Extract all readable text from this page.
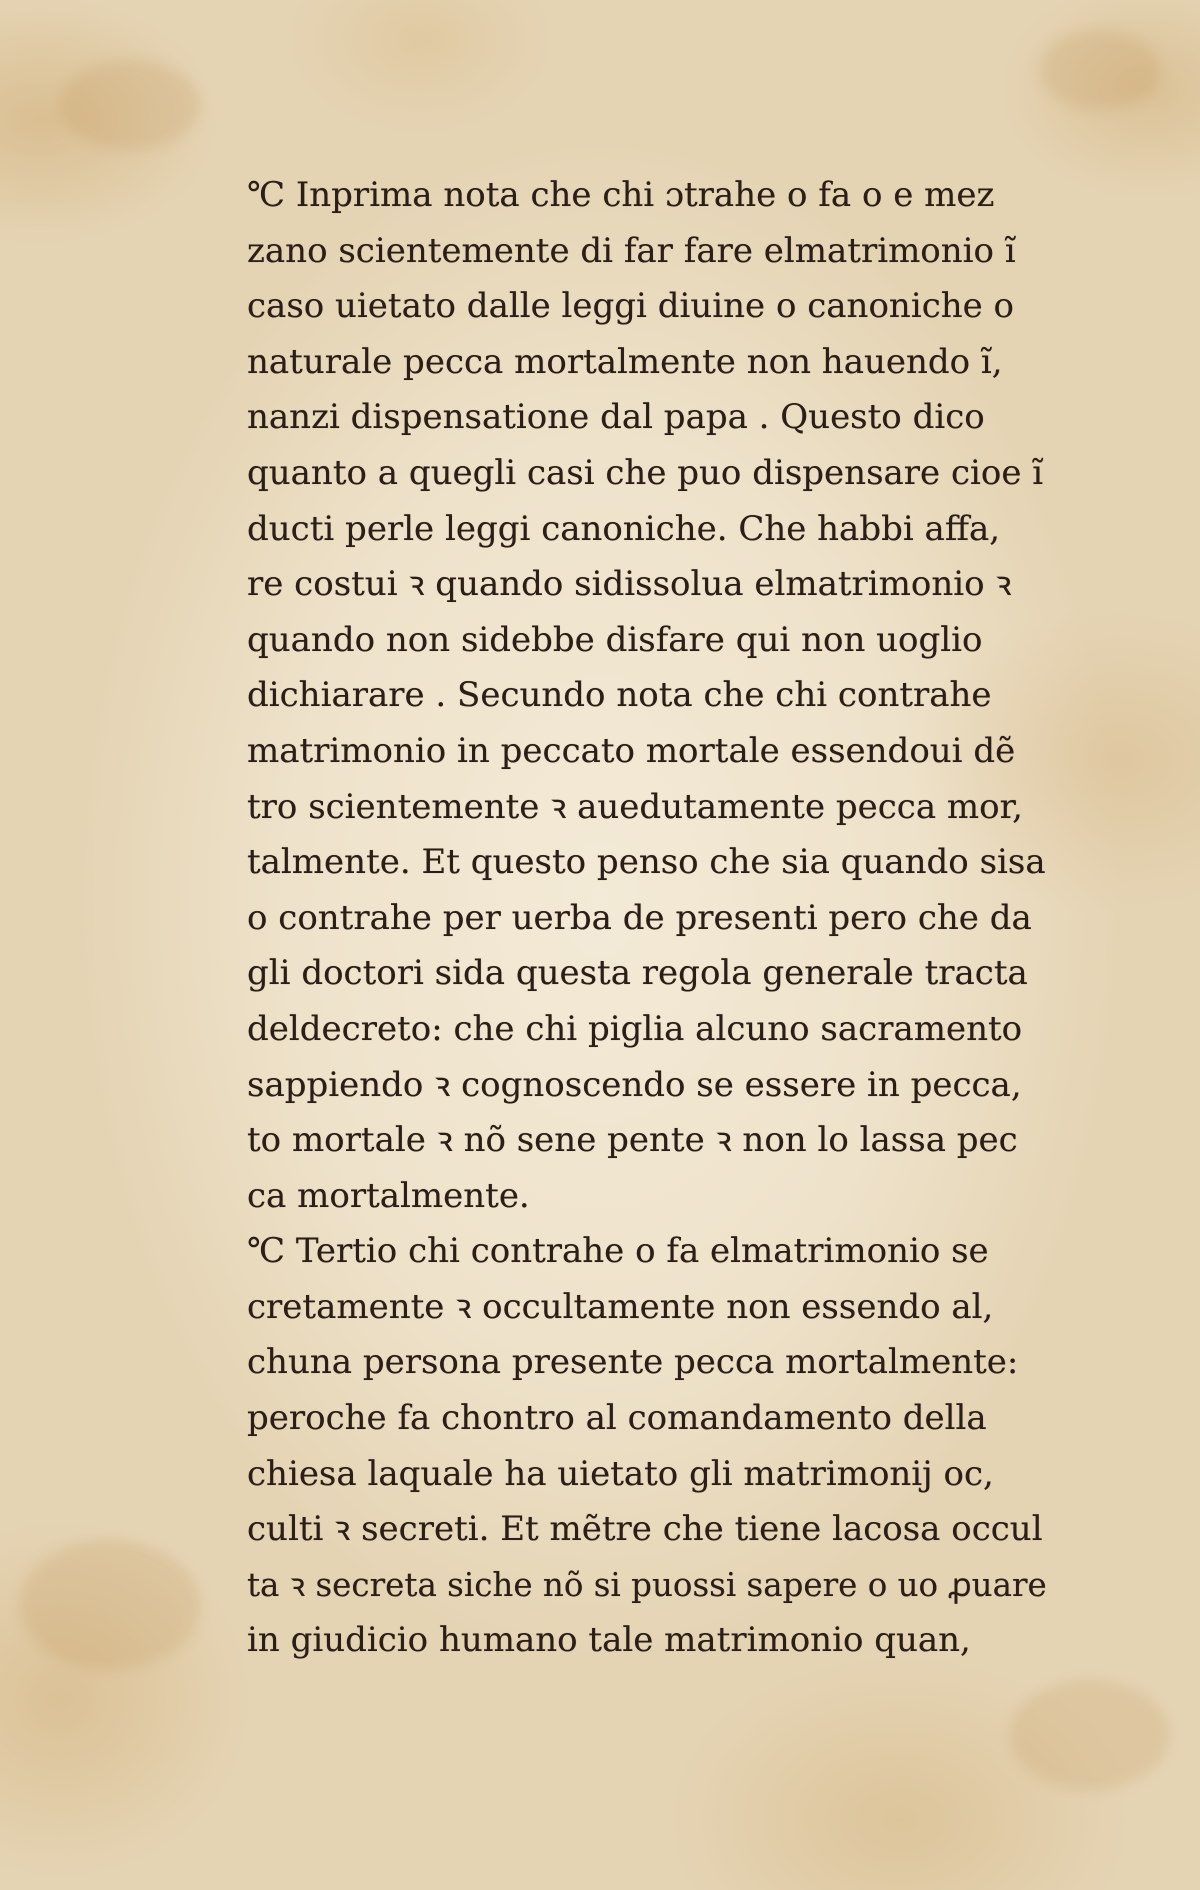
℃ Inprima nota che chi ɔtrahe o fa o e mez
zano scientemente di far fare elmatrimonio ĩ
caso uietato dalle leggi diuine o canoniche o
naturale pecca mortalmente non hauendo ĩ,
nanzi dispensatione dal papa . Questo dico
quanto a quegli casi che puo dispensare cioe ĩ
ducti perle leggi canoniche. Che habbi affa,
re costui ꝛ quando sidissolua elmatrimonio ꝛ
quando non sidebbe disfare qui non uoglio
dichiarare . Secundo nota che chi contrahe
matrimonio in peccato mortale essendoui dẽ
tro scientemente ꝛ auedutamente pecca mor,
talmente. Et questo penso che sia quando sisa
o contrahe per uerba de presenti pero che da
gli doctori sida questa regola generale tracta
deldecreto: che chi piglia alcuno sacramento
sappiendo ꝛ cognoscendo se essere in pecca,
to mortale ꝛ nõ sene pente ꝛ non lo lassa pec
ca mortalmente.
℃ Tertio chi contrahe o fa elmatrimonio se
cretamente ꝛ occultamente non essendo al,
chuna persona presente pecca mortalmente:
peroche fa chontro al comandamento della
chiesa laquale ha uietato gli matrimonij oc,
culti ꝛ secreti. Et mẽtre che tiene lacosa occul
ta ꝛ secreta siche nõ si puossi sapere o uo ꝓuare
in giudicio humano tale matrimonio quan,
